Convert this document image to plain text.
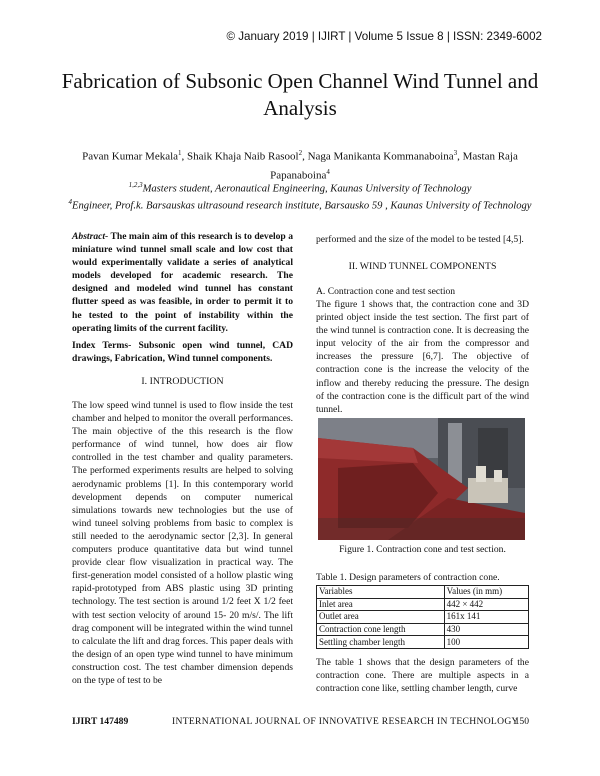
© January 2019 | IJIRT | Volume 5 Issue 8 | ISSN: 2349-6002
Fabrication of Subsonic Open Channel Wind Tunnel and Analysis
Pavan Kumar Mekala$^1$, Shaik Khaja Naib Rasool$^2$, Naga Manikanta Kommanaboina$^3$, Mastan Raja Papanaboina$^4$
$^{1,2,3}$Masters student, Aeronautical Engineering, Kaunas University of Technology
$^4$Engineer, Prof.k. Barsauskas ultrasound research institute, Barsausko 59 , Kaunas University of Technology
Abstract- The main aim of this research is to develop a miniature wind tunnel small scale and low cost that would experimentally validate a series of analytical models developed for academic research. The designed and modeled wind tunnel has constant flutter speed as was feasible, in order to permit it to he tested to the point of instability within the operating limits of the current facility.
Index Terms- Subsonic open wind tunnel, CAD drawings, Fabrication, Wind tunnel components.
I. INTRODUCTION
The low speed wind tunnel is used to flow inside the test chamber and helped to monitor the overall performances. The main objective of the this research is the flow performance of wind tunnel, how does air flow controlled in the test chamber and quality parameters. The performed experiments results are helped to solving aerodynamic problems [1]. In this contemporary world development depends on computer numerical simulations towards new technologies but the use of wind tuneel solving problems from basic to complex is still needed to the aerodynamic sector [2,3]. In general computers produce quantitative data but wind tunnel provide clear flow visualization in practical way. The first-generation model consisted of a hollow plastic wing rapid-prototyped from ABS plastic using 3D printing technology. The test section is around 1/2 feet X 1/2 feet with test section velocity of around 15- 20 m/s/. The lift drag component will be integrated within the wind tunnel to calculate the lift and drag forces. This paper deals with the design of an open type wind tunnel to have minimum construction cost. The test chamber dimension depends on the type of test to be
performed and the size of the model to be tested [4,5].
II. WIND TUNNEL COMPONENTS
A. Contraction cone and test section
The figure 1 shows that, the contraction cone and 3D printed object inside the test section. The first part of the wind tunnel is contraction cone. It is decreasing the input velocity of the air from the compressor and increases the pressure [6,7]. The objective of contraction cone is the increase the velocity of the inflow and thereby reducing the pressure. The design of the contraction cone is the difficult part of the wind tunnel.
Figure 1. Contraction cone and test section.
Table 1. Design parameters of contraction cone.
Variables	Values (in mm)
Inlet area	442 × 442
Outlet area	161x 141
Contraction cone length	430
Settling chamber length	100
The table 1 shows that the design parameters of the contraction cone. There are multiple aspects in a contraction cone like, settling chamber length, curve
IJIRT 147489	INTERNATIONAL JOURNAL OF INNOVATIVE RESEARCH IN TECHNOLOGY
150
